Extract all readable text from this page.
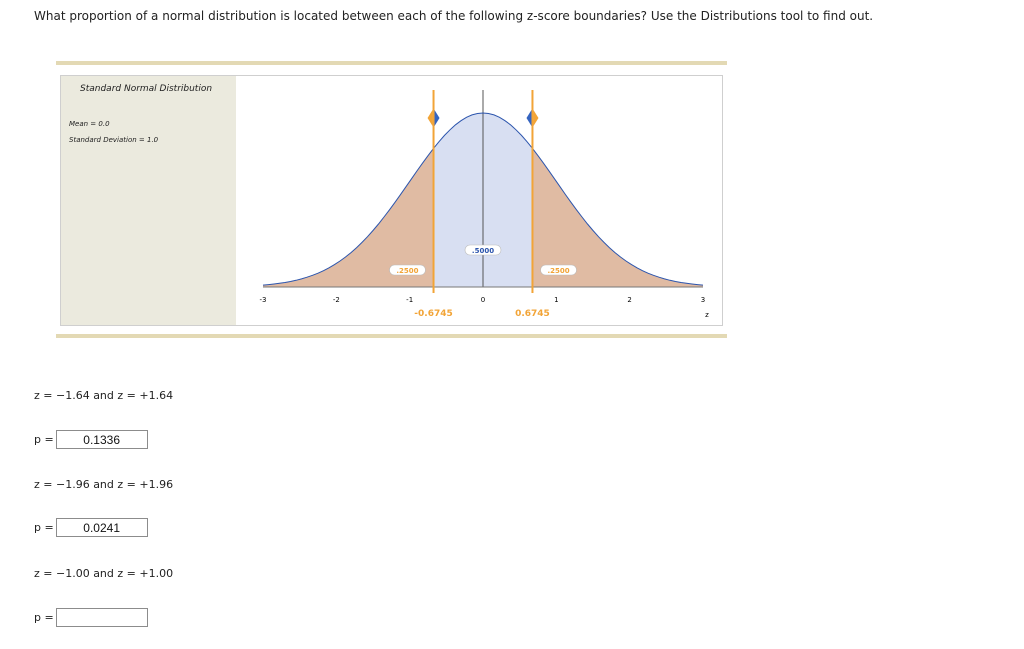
What proportion of a normal distribution is located between each of the following z-score boundaries? Use the Distributions tool to find out.
Standard Normal Distribution
Mean = 0.0
Standard Deviation = 1.0
-3	-2	-1	0	1	2	3
.2500
.5000
.2500
-0.6745	0.6745	z
z = −1.64 and z = +1.64
p =
0.1336
z = −1.96 and z = +1.96
p =
0.0241
z = −1.00 and z = +1.00
p =
